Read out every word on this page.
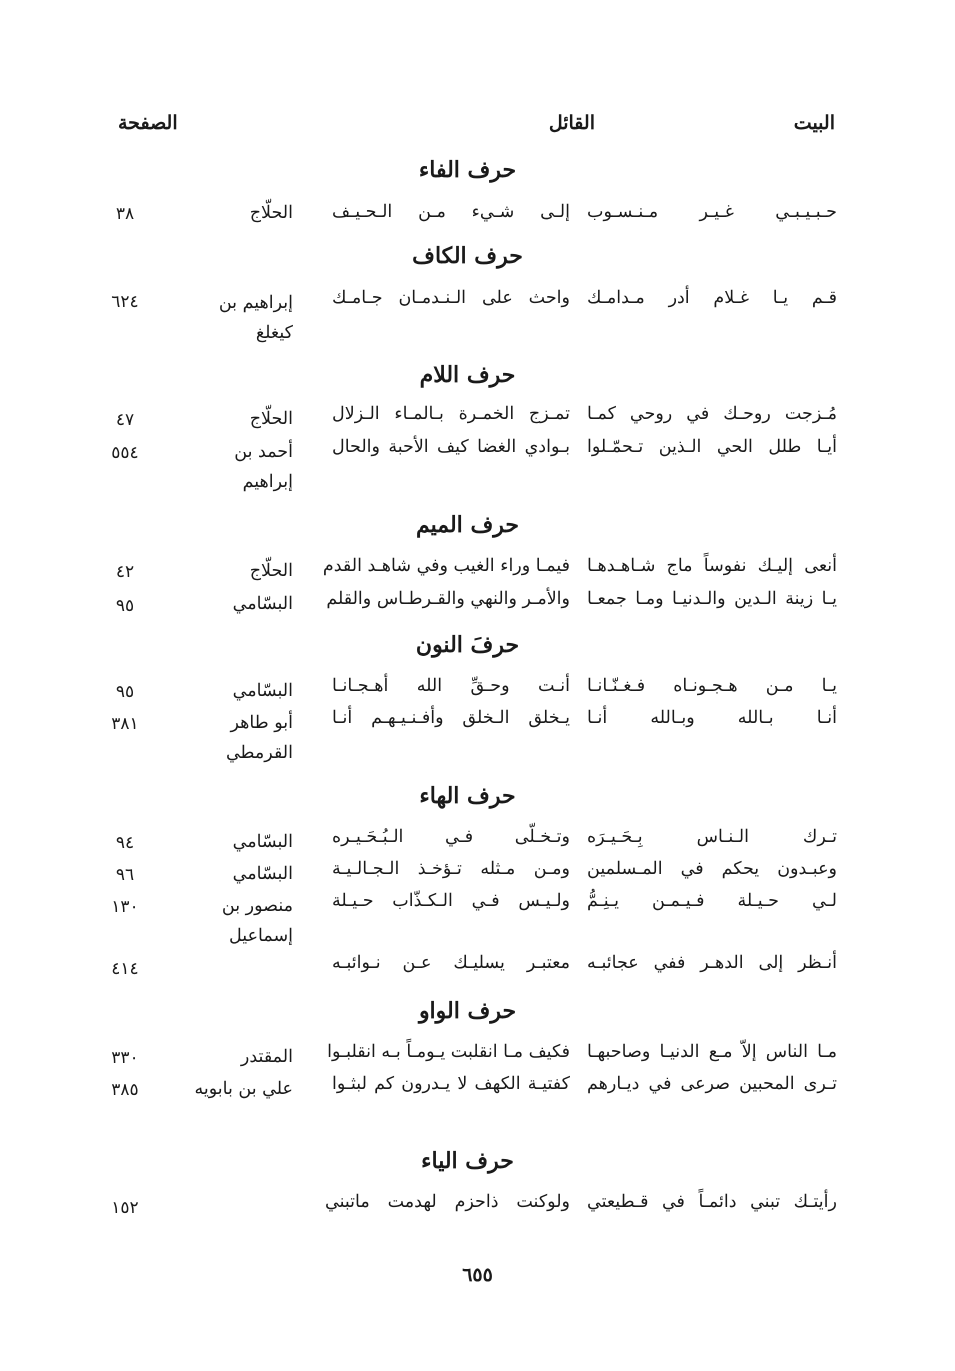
البيت
القائل
الصفحة
حرف الفاء
حـبـيـبـي غـيـر مـنـسـوب
إلـى شـيء مـن الـحـيـف
الحلّاج
٣٨
حرف الكاف
قـم يـا غـلام أدر مـدامـك
واحث على الـنـدمـان جـامـك
إبراهيم بن كيغلغ
٦٢٤
حرف اللام
مُـزجت روحـك في روحي كمـا
تمـزج الخمـرة بـالمـاء الـزلال
الحلّاج
٤٧
أيـا طلل الحي الـذين تـحمّـلوا
بـوادي الغضا كيف الأحبة والحال
أحمد بن إبراهيم
٥٥٤
حرف الميم
أنعى إليـك نفوساً ماج شـاهـدهـا
فيمـا وراء الغيب وفي شاهـد القدم
الحلّاج
٤٢
يـا زينة الـدين والـدنيـا ومـا جمعـا
والأمـر والنهي والقـرطـاس والقلم
البسّامي
٩٥
حرفَ النون
يـا مـن هـجـونـاه فـغـنّـانـا
أنـت وحـقِّ الله أهـجـانـا
البسّامي
٩٥
أنـا بـالله وبـالله أنـا
يـخلق الـخلق وأفـنـيـهـم أنـا
أبو طاهر القرمطي
٣٨١
حرف الهاء
تـرك الـنـاس بِـحَـيـرَه
وتـخـلّى فـي الـبُـحَـيـره
البسّامي
٩٤
وعبـدون يحكم في المـسلمين
ومـن مـثله تـؤخـذ الـجـالـيـة
البسّامي
٩٦
لـي حـيـلة فـيـمـن يـنِـمُّ
ولـيـس فـي الـكـذّاب حـيـلة
منصور بن إسماعيل
١٣٠
أنـظر إلى الدهـر ففي عجائبـه
معتبـر يسليـك عـن نـوائبـه
٤١٤
حرف الواو
مـا الناس إلاّ مـع الدنيـا وصاحبهـا
فكيف مـا انقلبت يـومـاً بـه انقلبـوا
المقتدر
٣٣٠
تـرى المحبين صرعى في ديـارهم
كفتيـة الكهف لا يـدرون كم لبثـوا
علي بن بابويه
٣٨٥
حرف الياء
رأيتـك تبني دائمـاً في قـطيعتي
ولوكنت ذاحزم لهدمت ماتبني
١٥٢
٦٥٥
